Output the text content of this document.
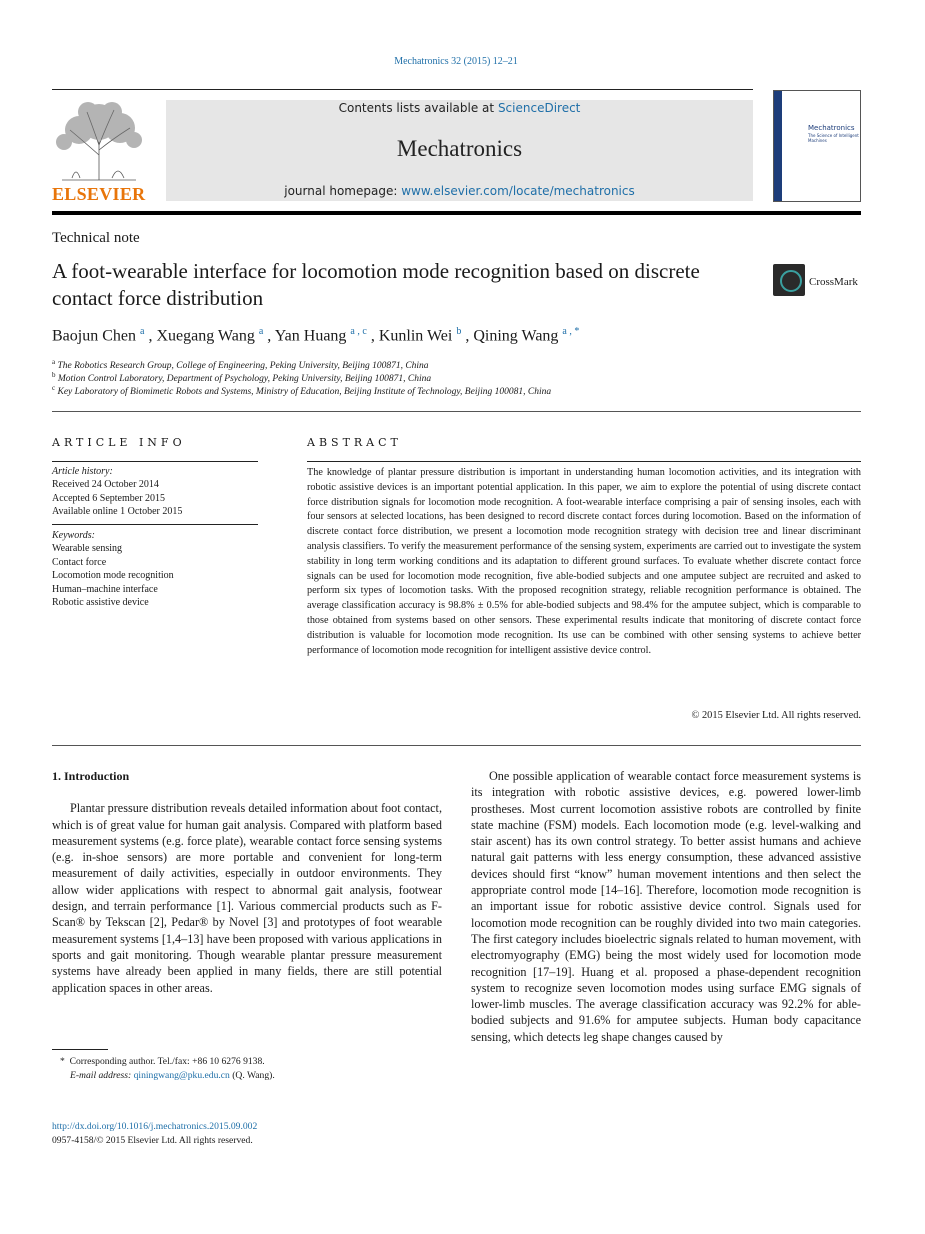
Mechatronics 32 (2015) 12–21
ELSEVIER
Contents lists available at ScienceDirect
Mechatronics
journal homepage: www.elsevier.com/locate/mechatronics
Mechatronics
The Science of Intelligent Machines
Technical note
A foot-wearable interface for locomotion mode recognition based on discrete contact force distribution
CrossMark
Baojun Chen $^a$ , Xuegang Wang $^a$ , Yan Huang $^{a , c}$ , Kunlin Wei $^b$ , Qining Wang $^{a , *}$
$^a$ The Robotics Research Group, College of Engineering, Peking University, Beijing 100871, China
$^b$ Motion Control Laboratory, Department of Psychology, Peking University, Beijing 100871, China
$^c$ Key Laboratory of Biomimetic Robots and Systems, Ministry of Education, Beijing Institute of Technology, Beijing 100081, China
ARTICLE INFO
Article history:
Received 24 October 2014
Accepted 6 September 2015
Available online 1 October 2015
Keywords:
Wearable sensing
Contact force
Locomotion mode recognition
Human–machine interface
Robotic assistive device
ABSTRACT
The knowledge of plantar pressure distribution is important in understanding human locomotion activities, and its integration with robotic assistive devices is an important potential application. In this paper, we aim to explore the potential of using discrete contact force distribution signals for locomotion mode recognition. A foot-wearable interface comprising a pair of sensing insoles, each with four sensors at selected locations, has been designed to record discrete contact forces during locomotion. Based on the information of discrete contact force distribution, we present a locomotion mode recognition strategy with decision tree and linear discriminant analysis classifiers. To verify the measurement performance of the sensing system, experiments are carried out to investigate the system stability in long term working conditions and its adaptation to different ground surfaces. To evaluate whether discrete contact force signals can be used for locomotion mode recognition, five able-bodied subjects and one amputee subject are recruited and asked to perform six types of locomotion tasks. With the proposed recognition strategy, reliable recognition performance is obtained. The average classification accuracy is 98.8% ± 0.5% for able-bodied subjects and 98.4% for the amputee subject, which is comparable to those obtained from systems based on other sensors. These experimental results indicate that monitoring of discrete contact force distribution is valuable for locomotion mode recognition. Its use can be combined with other sensing systems to achieve better performance of locomotion mode recognition for intelligent assistive device control.
© 2015 Elsevier Ltd. All rights reserved.
1. Introduction

Plantar pressure distribution reveals detailed information about foot contact, which is of great value for human gait analysis. Compared with platform based measurement systems (e.g. force plate), wearable contact force sensing systems (e.g. in-shoe sensors) are more portable and convenient for long-term measurement of daily activities, especially in outdoor environments. They allow wider applications with respect to abnormal gait analysis, footwear design, and terrain performance [1]. Various commercial products such as F-Scan® by Tekscan [2], Pedar® by Novel [3] and prototypes of foot wearable measurement systems [1,4–13] have been proposed with various applications in sports and gait monitoring. Though wearable plantar pressure measurement systems have already been applied in many fields, there are still potential application spaces in other areas.

*  Corresponding author. Tel./fax: +86 10 6276 9138.
E-mail address: qiningwang@pku.edu.cn (Q. Wang).

One possible application of wearable contact force measurement systems is its integration with robotic assistive devices, e.g. powered lower-limb prostheses. Most current locomotion assistive robots are controlled by finite state machine (FSM) models. Each locomotion mode (e.g. level-walking and stair ascent) has its own control strategy. To better assist humans and achieve natural gait patterns with less energy consumption, these advanced assistive devices should first “know” human movement intentions and then select the appropriate control mode [14–16]. Therefore, locomotion mode recognition is an important issue for robotic assistive device control. Signals used for locomotion mode recognition can be roughly divided into two main categories. The first category includes bioelectric signals related to human movement, with electromyography (EMG) being the most widely used for locomotion mode recognition [17–19]. Huang et al. proposed a phase-dependent recognition system to recognize seven locomotion modes using surface EMG signals of lower-limb muscles. The average classification accuracy was 92.2% for able-bodied subjects and 91.6% for amputee subjects. Human body capacitance sensing, which detects leg shape changes caused by

http://dx.doi.org/10.1016/j.mechatronics.2015.09.002
0957-4158/© 2015 Elsevier Ltd. All rights reserved.
